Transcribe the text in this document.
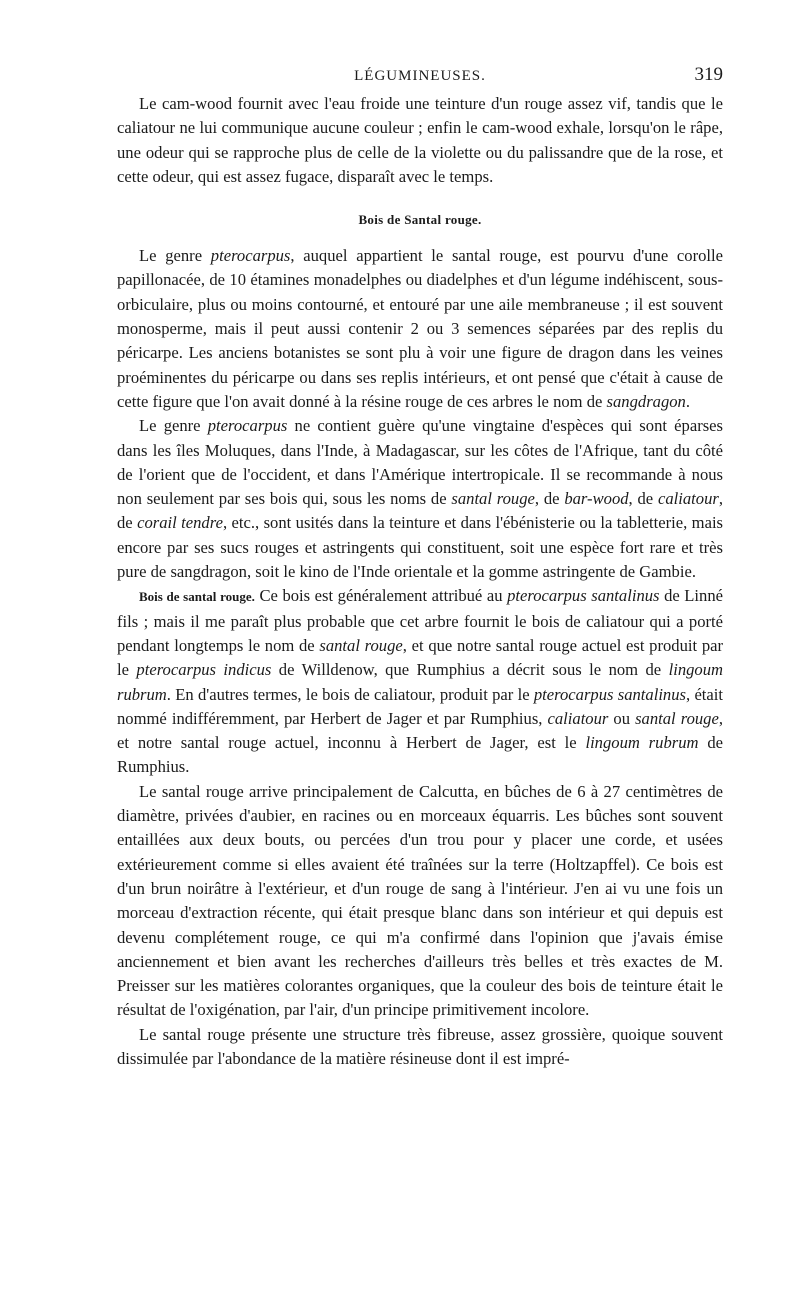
LÉGUMINEUSES.	319

Le cam-wood fournit avec l'eau froide une teinture d'un rouge assez vif, tandis que le caliatour ne lui communique aucune couleur ; enfin le cam-wood exhale, lorsqu'on le râpe, une odeur qui se rapproche plus de celle de la violette ou du palissandre que de la rose, et cette odeur, qui est assez fugace, disparaît avec le temps.

Bois de Santal rouge.

Le genre pterocarpus, auquel appartient le santal rouge, est pourvu d'une corolle papillonacée, de 10 étamines monadelphes ou diadelphes et d'un légume indéhiscent, sous-orbiculaire, plus ou moins contourné, et entouré par une aile membraneuse ; il est souvent monosperme, mais il peut aussi contenir 2 ou 3 semences séparées par des replis du péricarpe. Les anciens botanistes se sont plu à voir une figure de dragon dans les veines proéminentes du péricarpe ou dans ses replis intérieurs, et ont pensé que c'était à cause de cette figure que l'on avait donné à la résine rouge de ces arbres le nom de sangdragon.

Le genre pterocarpus ne contient guère qu'une vingtaine d'espèces qui sont éparses dans les îles Moluques, dans l'Inde, à Madagascar, sur les côtes de l'Afrique, tant du côté de l'orient que de l'occident, et dans l'Amérique intertropicale. Il se recommande à nous non seulement par ses bois qui, sous les noms de santal rouge, de bar-wood, de caliatour, de corail tendre, etc., sont usités dans la teinture et dans l'ébénisterie ou la tabletterie, mais encore par ses sucs rouges et astringents qui constituent, soit une espèce fort rare et très pure de sangdragon, soit le kino de l'Inde orientale et la gomme astringente de Gambie.

Bois de santal rouge. Ce bois est généralement attribué au pterocarpus santalinus de Linné fils ; mais il me paraît plus probable que cet arbre fournit le bois de caliatour qui a porté pendant longtemps le nom de santal rouge, et que notre santal rouge actuel est produit par le pterocarpus indicus de Willdenow, que Rumphius a décrit sous le nom de lingoum rubrum. En d'autres termes, le bois de caliatour, produit par le pterocarpus santalinus, était nommé indifféremment, par Herbert de Jager et par Rumphius, caliatour ou santal rouge, et notre santal rouge actuel, inconnu à Herbert de Jager, est le lingoum rubrum de Rumphius.

Le santal rouge arrive principalement de Calcutta, en bûches de 6 à 27 centimètres de diamètre, privées d'aubier, en racines ou en morceaux équarris. Les bûches sont souvent entaillées aux deux bouts, ou percées d'un trou pour y placer une corde, et usées extérieurement comme si elles avaient été traînées sur la terre (Holtzapffel). Ce bois est d'un brun noirâtre à l'extérieur, et d'un rouge de sang à l'intérieur. J'en ai vu une fois un morceau d'extraction récente, qui était presque blanc dans son intérieur et qui depuis est devenu complétement rouge, ce qui m'a confirmé dans l'opinion que j'avais émise anciennement et bien avant les recherches d'ailleurs très belles et très exactes de M. Preisser sur les matières colorantes organiques, que la couleur des bois de teinture était le résultat de l'oxigénation, par l'air, d'un principe primitivement incolore.

Le santal rouge présente une structure très fibreuse, assez grossière, quoique souvent dissimulée par l'abondance de la matière résineuse dont il est impré-
